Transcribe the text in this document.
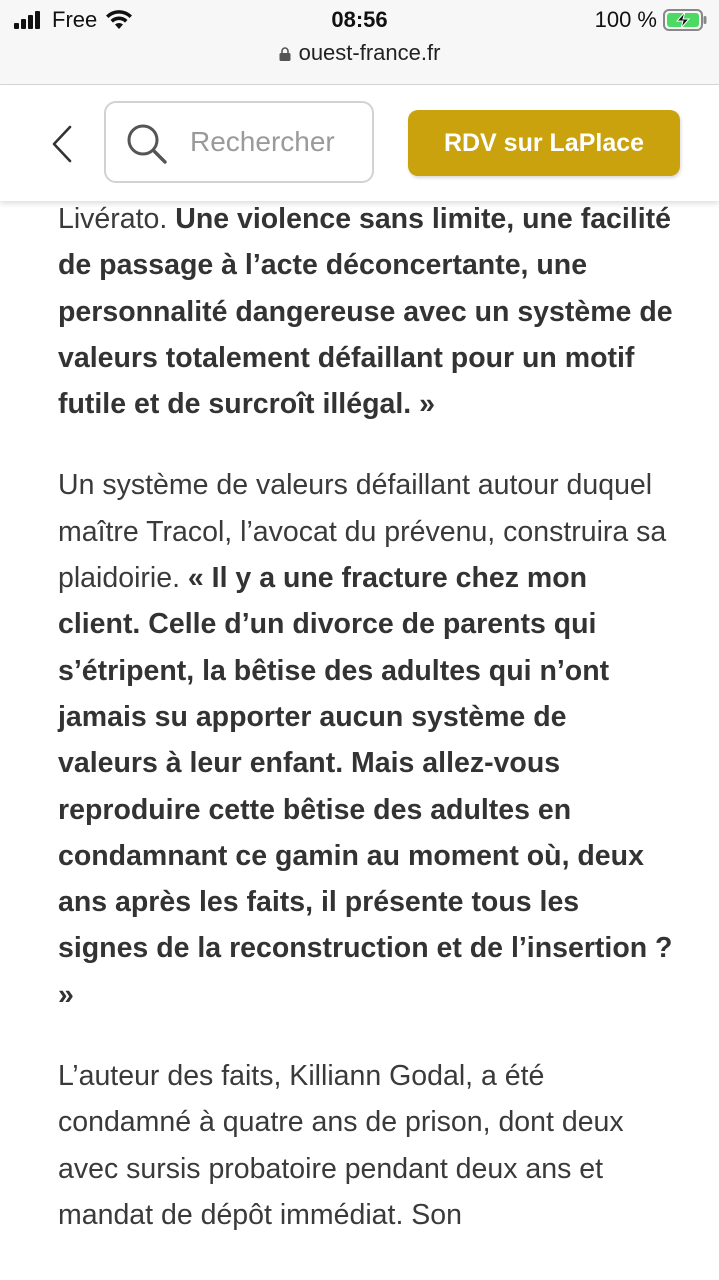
Free	08:56	100 %
ouest-france.fr
Rechercher
RDV sur LaPlace

Livérato. Une violence sans limite, une facilité de passage à l’acte déconcertante, une personnalité dangereuse avec un système de valeurs totalement défaillant pour un motif futile et de surcroît illégal. »

Un système de valeurs défaillant autour duquel maître Tracol, l’avocat du prévenu, construira sa plaidoirie. « Il y a une fracture chez mon client. Celle d’un divorce de parents qui s’étripent, la bêtise des adultes qui n’ont jamais su apporter aucun système de valeurs à leur enfant. Mais allez-vous reproduire cette bêtise des adultes en condamnant ce gamin au moment où, deux ans après les faits, il présente tous les signes de la reconstruction et de l’insertion ? »

L’auteur des faits, Killiann Godal, a été condamné à quatre ans de prison, dont deux avec sursis probatoire pendant deux ans et mandat de dépôt immédiat. Son
